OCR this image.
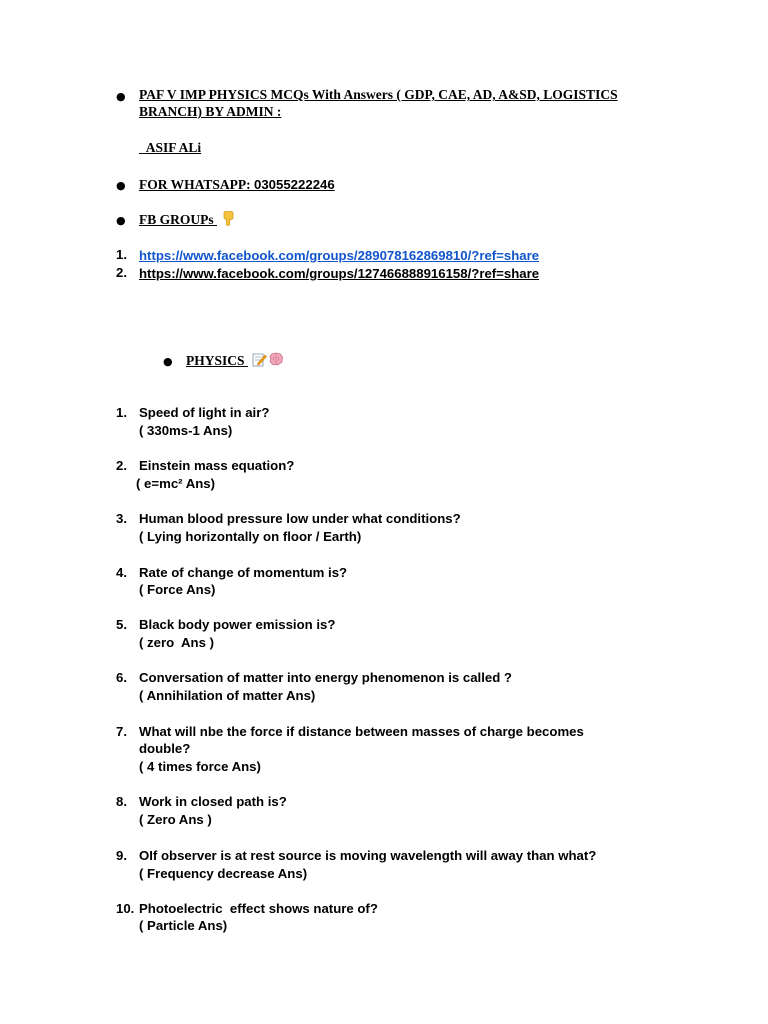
● PAF V IMP PHYSICS MCQs With Answers ( GDP, CAE, AD, A&SD, LOGISTICS
BRANCH) BY ADMIN :
ASIF ALi
● FOR WHATSAPP: 03055222246
● FB GROUPs
1. https://www.facebook.com/groups/289078162869810/?ref=share
2. https://www.facebook.com/groups/127466888916158/?ref=share
● PHYSICS
1. Speed of light in air?
( 330ms-1 Ans)
2. Einstein mass equation?
( e=mc² Ans)
3. Human blood pressure low under what conditions?
( Lying horizontally on floor / Earth)
4. Rate of change of momentum is?
( Force Ans)
5. Black body power emission is?
( zero  Ans )
6. Conversation of matter into energy phenomenon is called ?
( Annihilation of matter Ans)
7. What will nbe the force if distance between masses of charge becomes
double?
( 4 times force Ans)
8. Work in closed path is?
( Zero Ans )
9. OIf observer is at rest source is moving wavelength will away than what?
( Frequency decrease Ans)
10. Photoelectric  effect shows nature of?
( Particle Ans)
